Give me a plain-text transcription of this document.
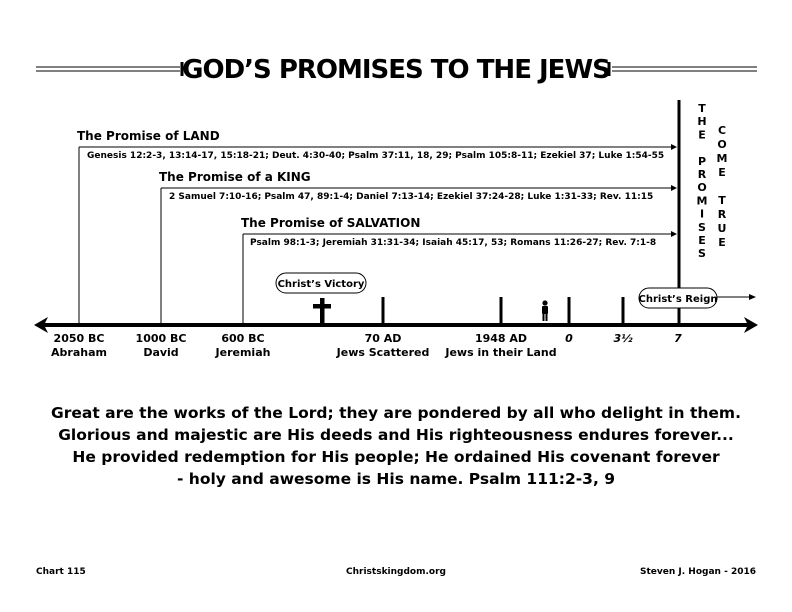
GOD’S PROMISES TO THE JEWS
The Promise of LAND
Genesis 12:2-3, 13:14-17, 15:18-21; Deut. 4:30-40; Psalm 37:11, 18, 29; Psalm 105:8-11; Ezekiel 37; Luke 1:54-55
The Promise of a KING
2 Samuel 7:10-16; Psalm 47, 89:1-4; Daniel 7:13-14; Ezekiel 37:24-28; Luke 1:31-33; Rev. 11:15
The Promise of SALVATION
Psalm 98:1-3; Jeremiah 31:31-34; Isaiah 45:17, 53; Romans 11:26-27; Rev. 7:1-8
T
H
E
P
R
O
M
I
S
E
S
C
O
M
E
T
R
U
E
Christ’s Victory
Christ’s Reign
2050 BC
Abraham
1000 BC
David
600 BC
Jeremiah
70 AD
Jews Scattered
1948 AD
Jews in their Land
0	3½	7
Great are the works of the Lord; they are pondered by all who delight in them.
Glorious and majestic are His deeds and His righteousness endures forever...
He provided redemption for His people; He ordained His covenant forever
- holy and awesome is His name. Psalm 111:2-3, 9
Chart 115	Christskingdom.org	Steven J. Hogan - 2016
